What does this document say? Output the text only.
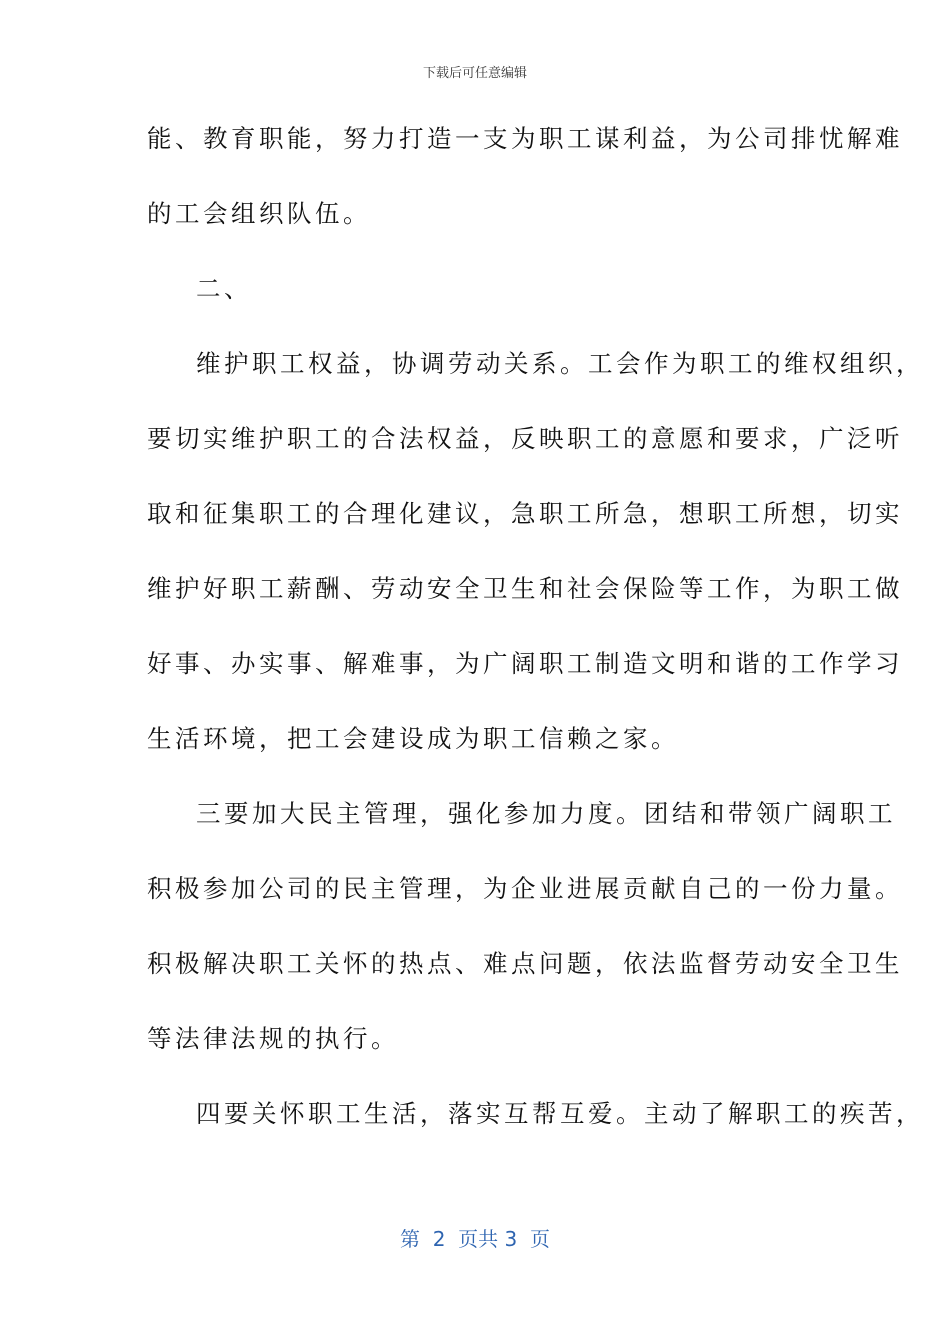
下载后可任意编辑
能、教育职能，努力打造一支为职工谋利益，为公司排忧解难
的工会组织队伍。
二、
维护职工权益，协调劳动关系。工会作为职工的维权组织，
要切实维护职工的合法权益，反映职工的意愿和要求，广泛听
取和征集职工的合理化建议，急职工所急，想职工所想，切实
维护好职工薪酬、劳动安全卫生和社会保险等工作，为职工做
好事、办实事、解难事，为广阔职工制造文明和谐的工作学习
生活环境，把工会建设成为职工信赖之家。
三要加大民主管理，强化参加力度。团结和带领广阔职工
积极参加公司的民主管理，为企业进展贡献自己的一份力量。
积极解决职工关怀的热点、难点问题，依法监督劳动安全卫生
等法律法规的执行。
四要关怀职工生活，落实互帮互爱。主动了解职工的疾苦，
第  2  页共 3  页
